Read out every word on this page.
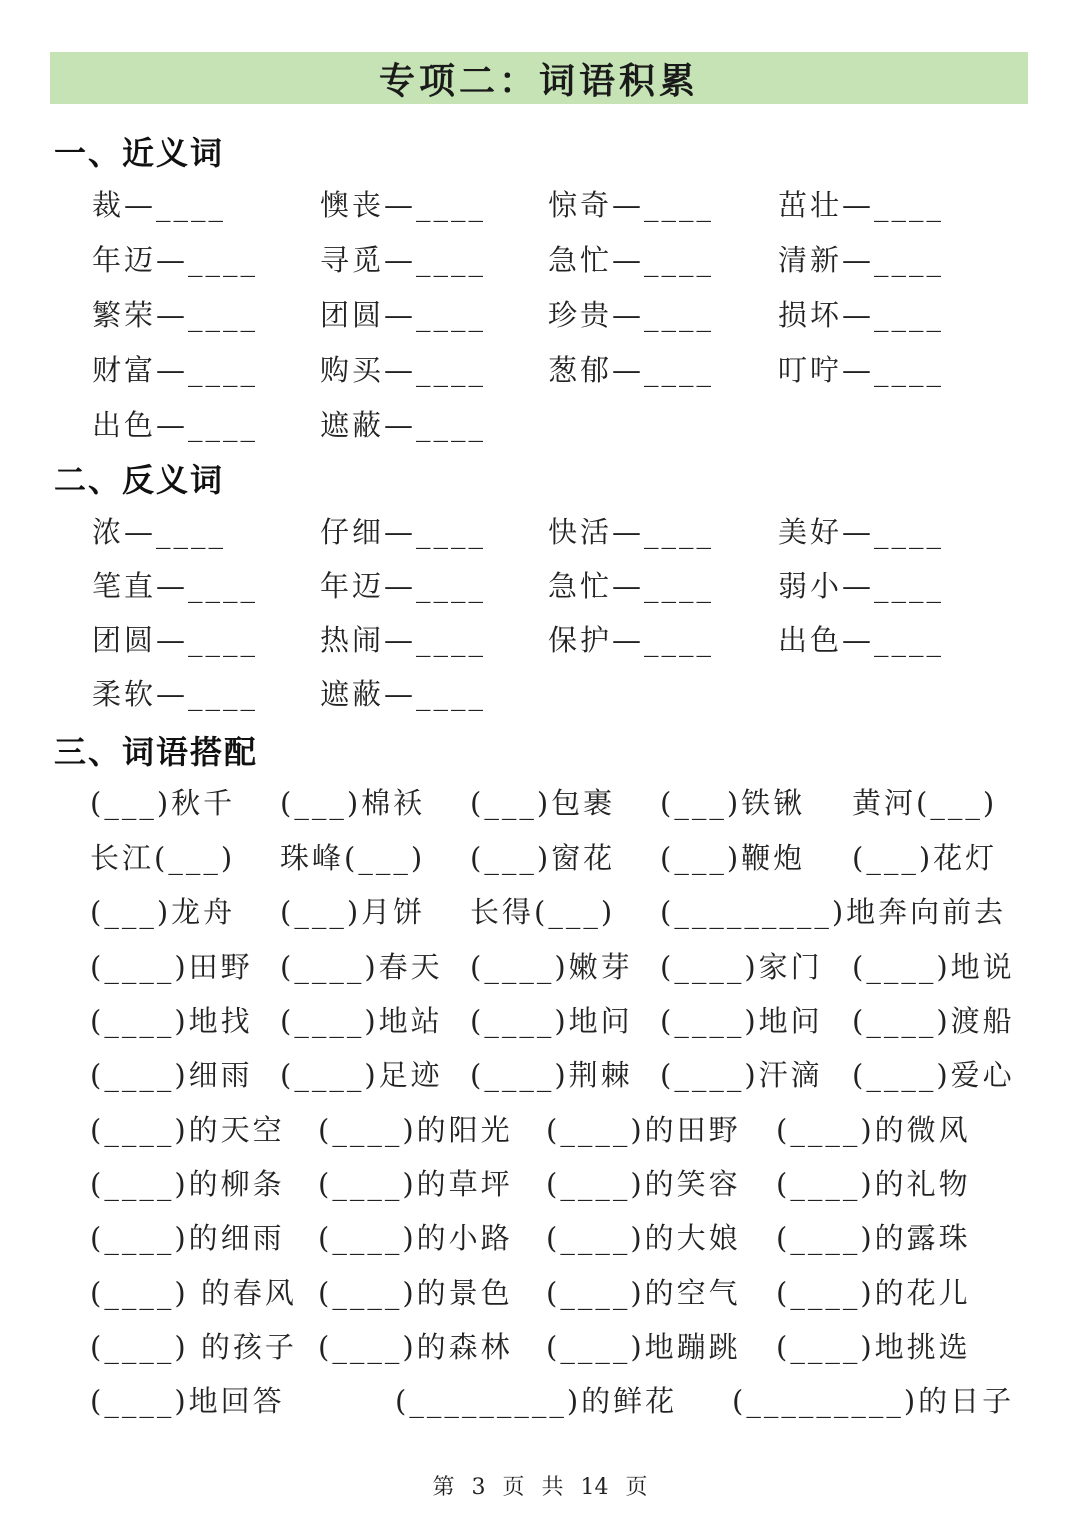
专项二：词语积累
一、近义词
二、反义词
三、词语搭配
裁—____	懊丧—____ 惊奇—____ 茁壮—____
年迈—____ 寻觅—____ 急忙—____ 清新—____
繁荣—____ 团圆—____ 珍贵—____ 损坏—____
财富—____ 购买—____ 葱郁—____ 叮咛—____
出色—____ 遮蔽—____
浓—____	仔细—____ 快活—____ 美好—____
笔直—____ 年迈—____ 急忙—____ 弱小—____
团圆—____ 热闹—____ 保护—____ 出色—____
柔软—____ 遮蔽—____
(___)秋千 (___)棉袄 (___)包裹 (___)铁锹 黄河(___)
长江(___) 珠峰(___) (___)窗花 (___)鞭炮 (___)花灯
(___)龙舟 (___)月饼 长得(___) (_________)地奔向前去
(____)田野 (____)春天 (____)嫩芽 (____)家门 (____)地说
(____)地找 (____)地站 (____)地问 (____)地问 (____)渡船
(____)细雨 (____)足迹 (____)荆棘 (____)汗滴 (____)爱心
(____)的天空 (____)的阳光 (____)的田野 (____)的微风
(____)的柳条 (____)的草坪 (____)的笑容 (____)的礼物
(____)的细雨 (____)的小路 (____)的大娘 (____)的露珠
(____) 的春风 (____)的景色 (____)的空气 (____)的花儿
(____) 的孩子 (____)的森林 (____)地蹦跳 (____)地挑选
(____)地回答	(_________)的鲜花 (_________)的日子
第 3 页 共 14 页
